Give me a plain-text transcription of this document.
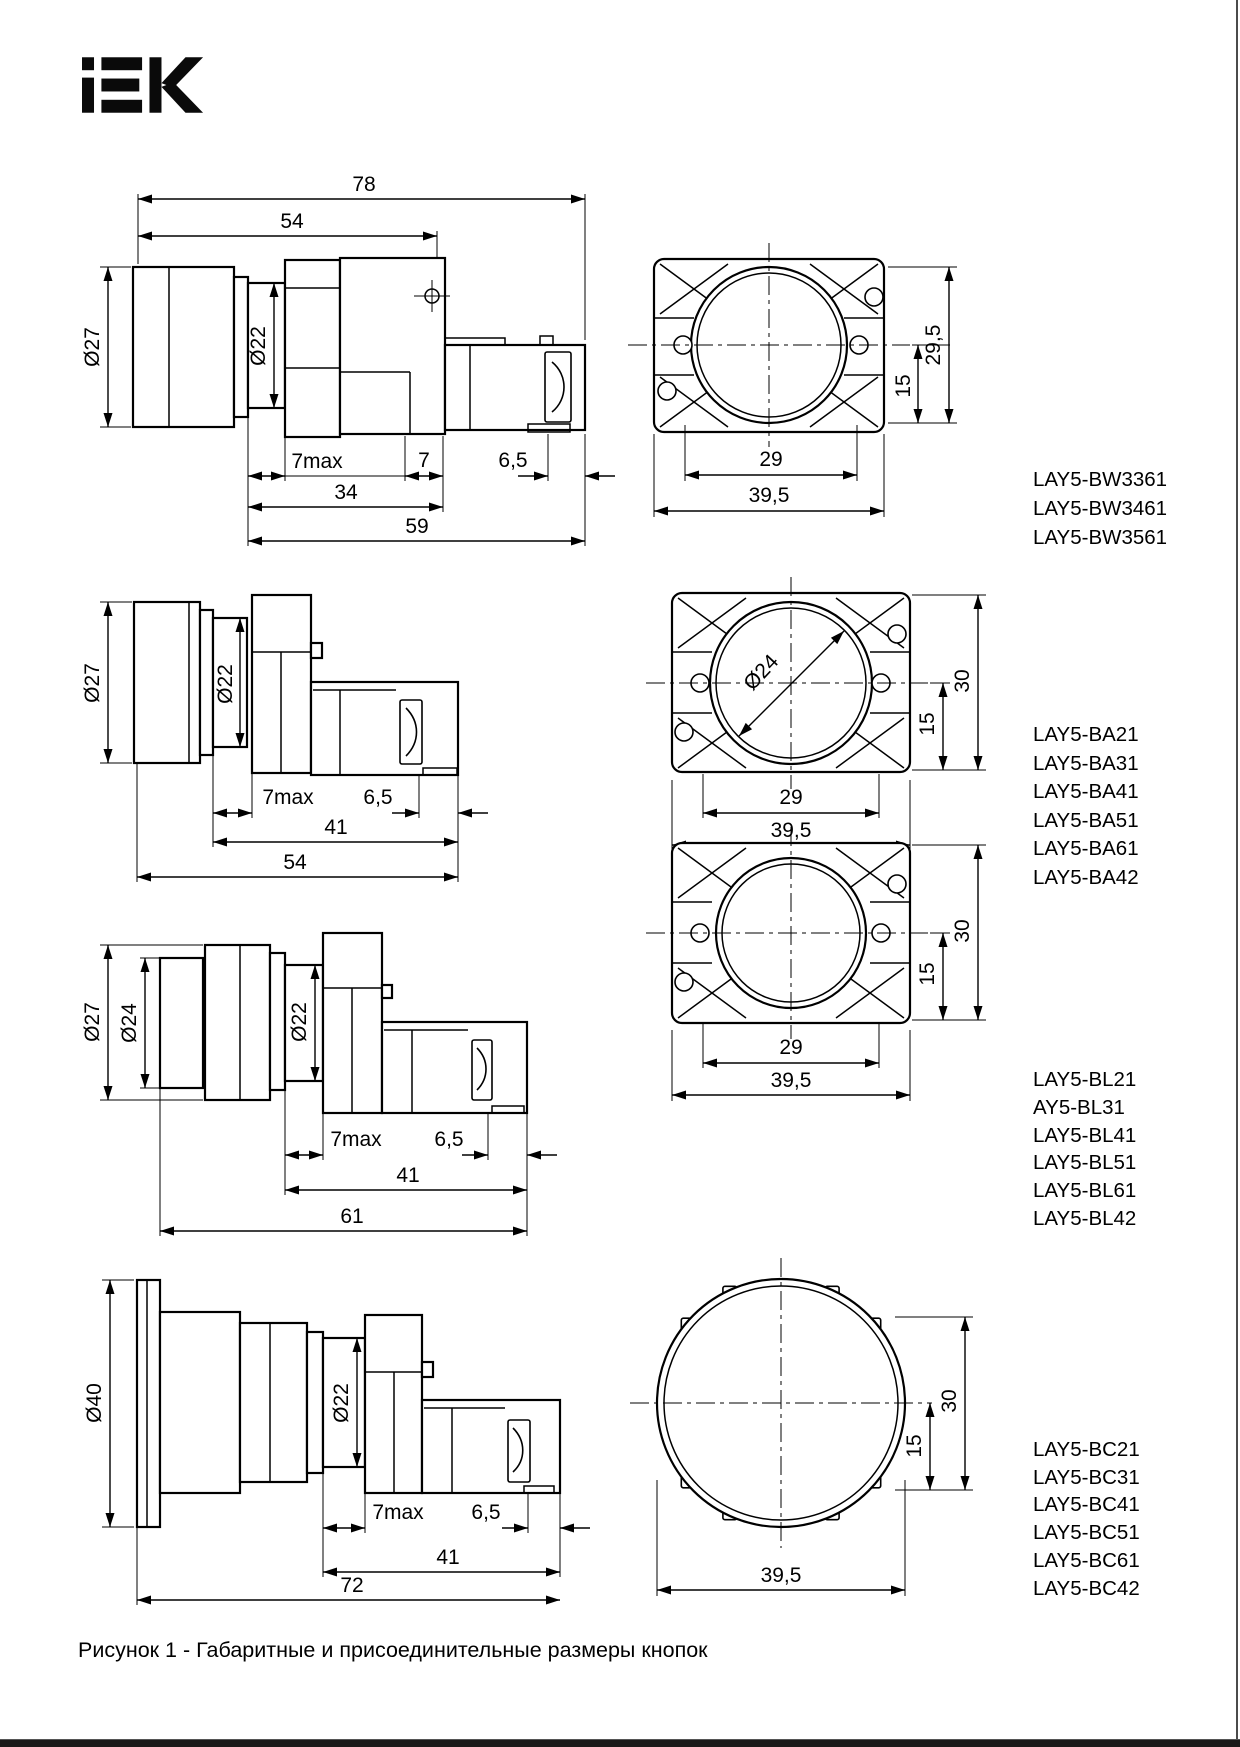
78
54
Ø27	Ø22
7max	7	6,5
34
59
29,5
15
29
39,5
Ø27	Ø22
7max 6,5
41
54
Ø24	30
15
29
39,5
Ø27 Ø24	Ø22
7max	6,5
41
61
30
15
29
39,5
Ø40	Ø22
7max 6,5
41
72
30
15
39,5
LAY5-BW3361
LAY5-BW3461
LAY5-BW3561
LAY5-BA21
LAY5-BA31
LAY5-BA41
LAY5-BA51
LAY5-BA61
LAY5-BA42
LAY5-BL21
AY5-BL31
LAY5-BL41
LAY5-BL51
LAY5-BL61
LAY5-BL42
LAY5-BC21
LAY5-BC31
LAY5-BC41
LAY5-BC51
LAY5-BC61
LAY5-BC42
Рисунок 1 - Габаритные и присоединительные размеры кнопок
